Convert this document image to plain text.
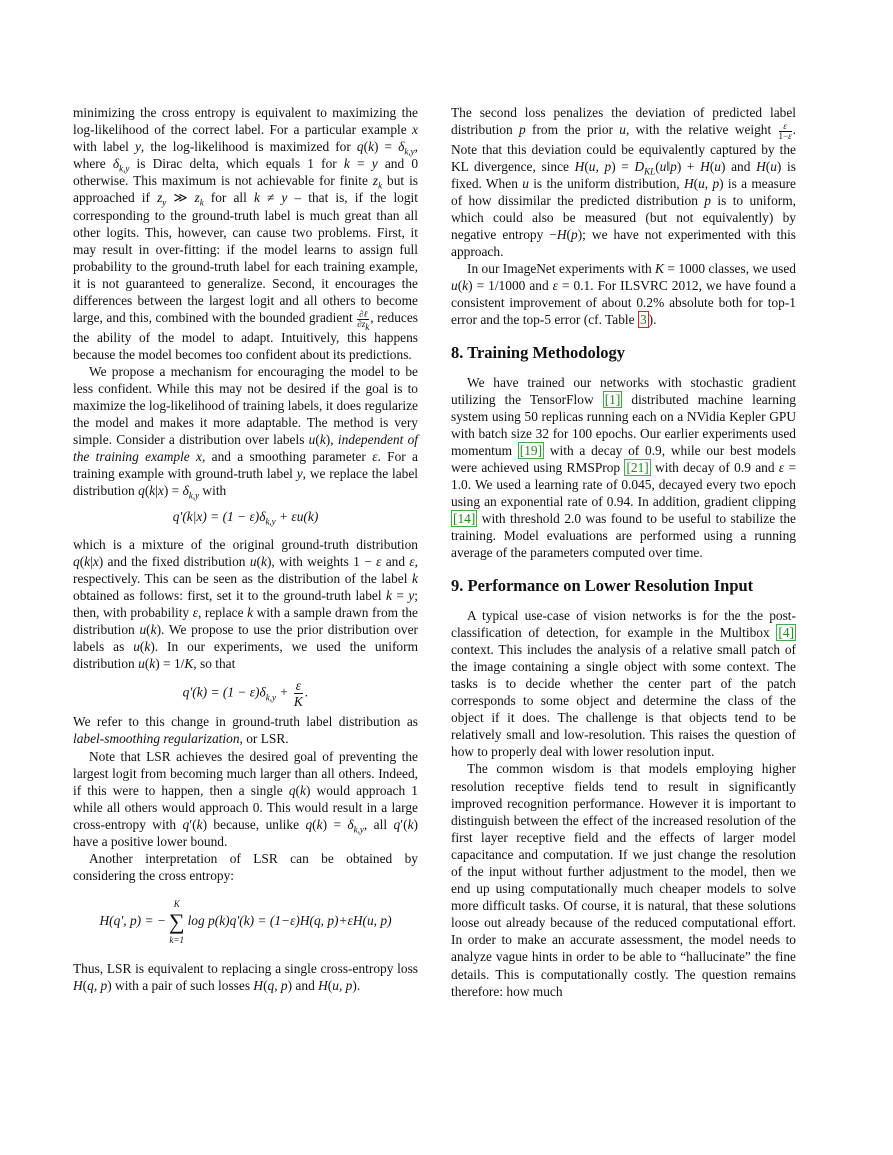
minimizing the cross entropy is equivalent to maximizing the log-likelihood of the correct label. For a particular example x with label y, the log-likelihood is maximized for $q(k) = \delta_{k,y}$, where $\delta_{k,y}$ is Dirac delta, which equals 1 for k = y and 0 otherwise. This maximum is not achievable for finite $z_k$ but is approached if $z_y$ ≫ $z_k$ for all k ≠ y – that is, if the logit corresponding to the ground-truth label is much great than all other logits. This, however, can cause two problems. First, it may result in over-fitting: if the model learns to assign full probability to the ground-truth label for each training example, it is not guaranteed to generalize. Second, it encourages the differences between the largest logit and all others to become large, and this, combined with the bounded gradient ∂ℓ
$\partial z_k$
, reduces the ability of the model to adapt. Intuitively, this happens because the model becomes too confident about its predictions.

We propose a mechanism for encouraging the model to be less confident. While this may not be desired if the goal is to maximize the log-likelihood of training labels, it does regularize the model and makes it more adaptable. The method is very simple. Consider a distribution over labels u(k), independent of the training example x, and a smoothing parameter ε. For a training example with ground-truth label y, we replace the label distribution $q(k|x) = \delta_{k,y}$ with

$q'(k|x) = (1 - \varepsilon)\delta_{k,y} + \varepsilon u(k)$

which is a mixture of the original ground-truth distribution q(k|x) and the fixed distribution u(k), with weights 1 − ε and ε, respectively. This can be seen as the distribution of the label k obtained as follows: first, set it to the ground-truth label k = y; then, with probability ε, replace k with a sample drawn from the distribution u(k). We propose to use the prior distribution over labels as u(k). In our experiments, we used the uniform distribution u(k) = 1/K, so that

$q'(k) = (1 - \varepsilon)\delta_{k,y} + \frac{\varepsilon}{K}$ .

We refer to this change in ground-truth label distribution as label-smoothing regularization, or LSR.

Note that LSR achieves the desired goal of preventing the largest logit from becoming much larger than all others. Indeed, if this were to happen, then a single q(k) would approach 1 while all others would approach 0. This would result in a large cross-entropy with q′(k) because, unlike $q(k) = \delta_{k,y}$, all q′(k) have a positive lower bound.

Another interpretation of LSR can be obtained by considering the cross entropy:

H(q′, p) = −
K
∑
k=1
log p(k)q′(k) = (1−ε)H(q, p)+εH(u, p)

Thus, LSR is equivalent to replacing a single cross-entropy loss H(q, p) with a pair of such losses H(q, p) and H(u, p).

The second loss penalizes the deviation of predicted label distribution p from the prior u, with the relative weight $\frac{\varepsilon}{1-\varepsilon}$ . Note that this deviation could be equivalently captured by the KL divergence, since H(u, $p) = D_{KL}(u‖p) + H(u)$ and H(u) is fixed. When u is the uniform distribution, H(u, p) is a measure of how dissimilar the predicted distribution p is to uniform, which could also be measured (but not equivalently) by negative entropy −H(p); we have not experimented with this approach.

In our ImageNet experiments with K = 1000 classes, we used u(k) = 1/1000 and ε = 0.1. For ILSVRC 2012, we have found a consistent improvement of about 0.2% absolute both for top-1 error and the top-5 error (cf. Table 3 ).

8. Training Methodology

We have trained our networks with stochastic gradient utilizing the TensorFlow [1] distributed machine learning system using 50 replicas running each on a NVidia Kepler GPU with batch size 32 for 100 epochs. Our earlier experiments used momentum [19] with a decay of 0.9, while our best models were achieved using RMSProp [21] with decay of 0.9 and ε = 1.0. We used a learning rate of 0.045, decayed every two epoch using an exponential rate of 0.94. In addition, gradient clipping [14] with threshold 2.0 was found to be useful to stabilize the training. Model evaluations are performed using a running average of the parameters computed over time.

9. Performance on Lower Resolution Input

A typical use-case of vision networks is for the the post-classification of detection, for example in the Multibox [4] context. This includes the analysis of a relative small patch of the image containing a single object with some context. The tasks is to decide whether the center part of the patch corresponds to some object and determine the class of the object if it does. The challenge is that objects tend to be relatively small and low-resolution. This raises the question of how to properly deal with lower resolution input.

The common wisdom is that models employing higher resolution receptive fields tend to result in significantly improved recognition performance. However it is important to distinguish between the effect of the increased resolution of the first layer receptive field and the effects of larger model capacitance and computation. If we just change the resolution of the input without further adjustment to the model, then we end up using computationally much cheaper models to solve more difficult tasks. Of course, it is natural, that these solutions loose out already because of the reduced computational effort. In order to make an accurate assessment, the model needs to analyze vague hints in order to be able to “hallucinate” the fine details. This is computationally costly. The question remains therefore: how much
